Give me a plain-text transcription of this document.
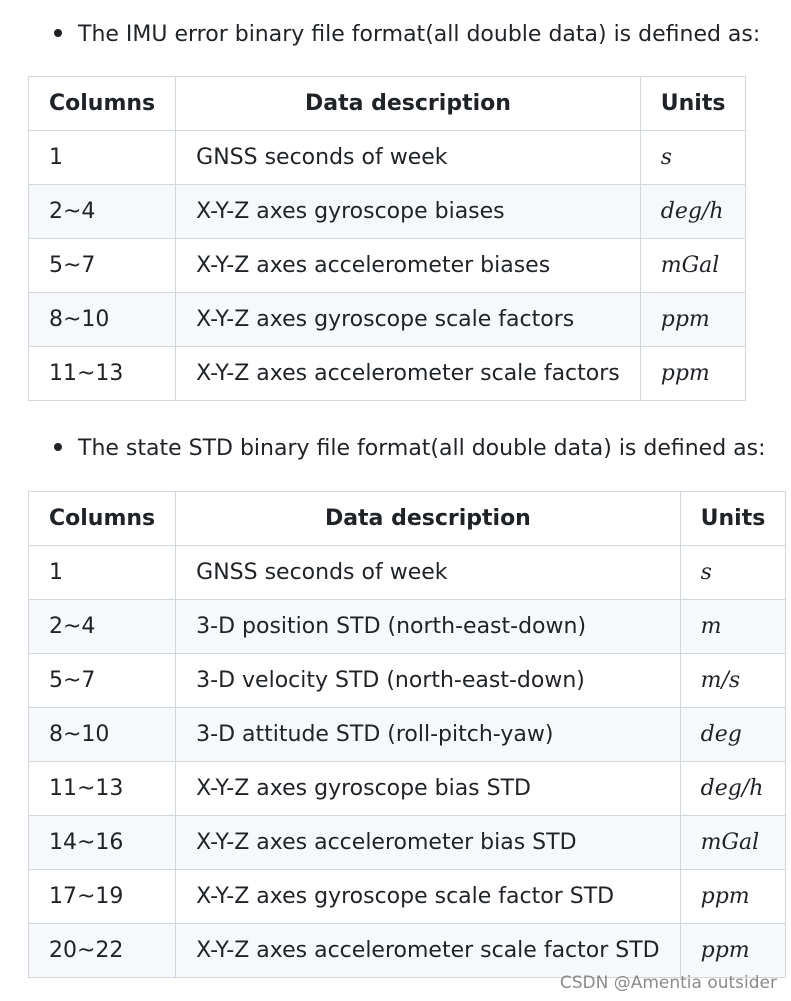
The IMU error binary file format(all double data) is defined as:
Columns	Data description	Units
1	GNSS seconds of week	s
2~4	X-Y-Z axes gyroscope biases	deg/h
5~7	X-Y-Z axes accelerometer biases	mGal
8~10	X-Y-Z axes gyroscope scale factors	ppm
11~13	X-Y-Z axes accelerometer scale factors	ppm
The state STD binary file format(all double data) is defined as:
Columns	Data description	Units
1	GNSS seconds of week	s
2~4	3-D position STD (north-east-down)	m
5~7	3-D velocity STD (north-east-down)	m/s
8~10	3-D attitude STD (roll-pitch-yaw)	deg
11~13	X-Y-Z axes gyroscope bias STD	deg/h
14~16	X-Y-Z axes accelerometer bias STD	mGal
17~19	X-Y-Z axes gyroscope scale factor STD	ppm
20~22	X-Y-Z axes accelerometer scale factor STD	ppm
CSDN @Amentia outsider
